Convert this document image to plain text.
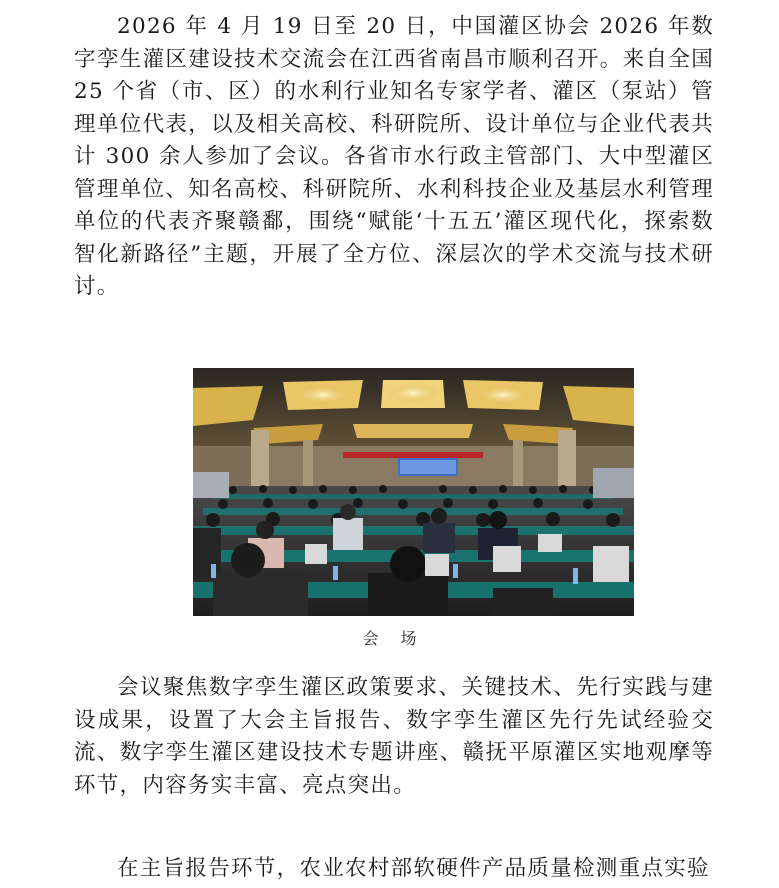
2026 年 4 月 19 日至 20 日，中国灌区协会 2026 年数字孪生灌区建设技术交流会在江西省南昌市顺利召开。来自全国 25 个省（市、区）的水利行业知名专家学者、灌区（泵站）管理单位代表，以及相关高校、科研院所、设计单位与企业代表共计 300 余人参加了会议。各省市水行政主管部门、大中型灌区管理单位、知名高校、科研院所、水利科技企业及基层水利管理单位的代表齐聚赣鄱，围绕“赋能‘十五五’灌区现代化，探索数智化新路径”主题，开展了全方位、深层次的学术交流与技术研讨。

会场

会议聚焦数字孪生灌区政策要求、关键技术、先行实践与建设成果，设置了大会主旨报告、数字孪生灌区先行先试经验交流、数字孪生灌区建设技术专题讲座、赣抚平原灌区实地观摩等环节，内容务实丰富、亮点突出。

在主旨报告环节，农业农村部软硬件产品质量检测重点实验
